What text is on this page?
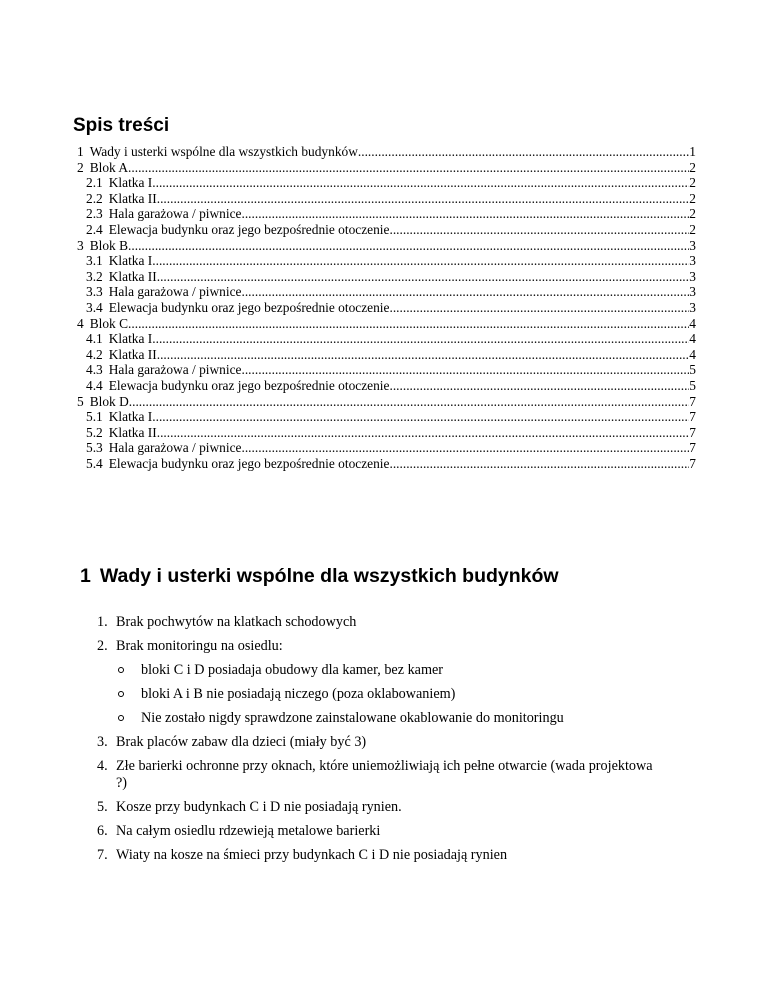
Spis treści
1 Wady i usterki wspólne dla wszystkich budynków .....	1
2 Blok A .....	2
2.1 Klatka I .....	2
2.2 Klatka II .....	2
2.3 Hala garażowa / piwnice .....	2
2.4 Elewacja budynku oraz jego bezpośrednie otoczenie .....	2
3 Blok B .....	3
3.1 Klatka I .....	3
3.2 Klatka II .....	3
3.3 Hala garażowa / piwnice .....	3
3.4 Elewacja budynku oraz jego bezpośrednie otoczenie .....	3
4 Blok C .....	4
4.1 Klatka I .....	4
4.2 Klatka II .....	4
4.3 Hala garażowa / piwnice .....	5
4.4 Elewacja budynku oraz jego bezpośrednie otoczenie .....	5
5 Blok D .....	7
5.1 Klatka I .....	7
5.2 Klatka II .....	7
5.3 Hala garażowa / piwnice .....	7
5.4 Elewacja budynku oraz jego bezpośrednie otoczenie .....	7
1 Wady i usterki wspólne dla wszystkich budynków
1. Brak pochwytów na klatkach schodowych
2. Brak monitoringu na osiedlu:
bloki C i D posiadaja obudowy dla kamer, bez kamer
bloki A i B nie posiadają niczego (poza oklabowaniem)
Nie zostało nigdy sprawdzone zainstalowane okablowanie do monitoringu
3. Brak placów zabaw dla dzieci (miały być 3)
4. Złe barierki ochronne przy oknach, które uniemożliwiają ich pełne otwarcie (wada projektowa ?)
5. Kosze przy budynkach C i D nie posiadają rynien.
6. Na całym osiedlu rdzewieją metalowe barierki
7. Wiaty na kosze na śmieci przy budynkach C i D nie posiadają rynien
